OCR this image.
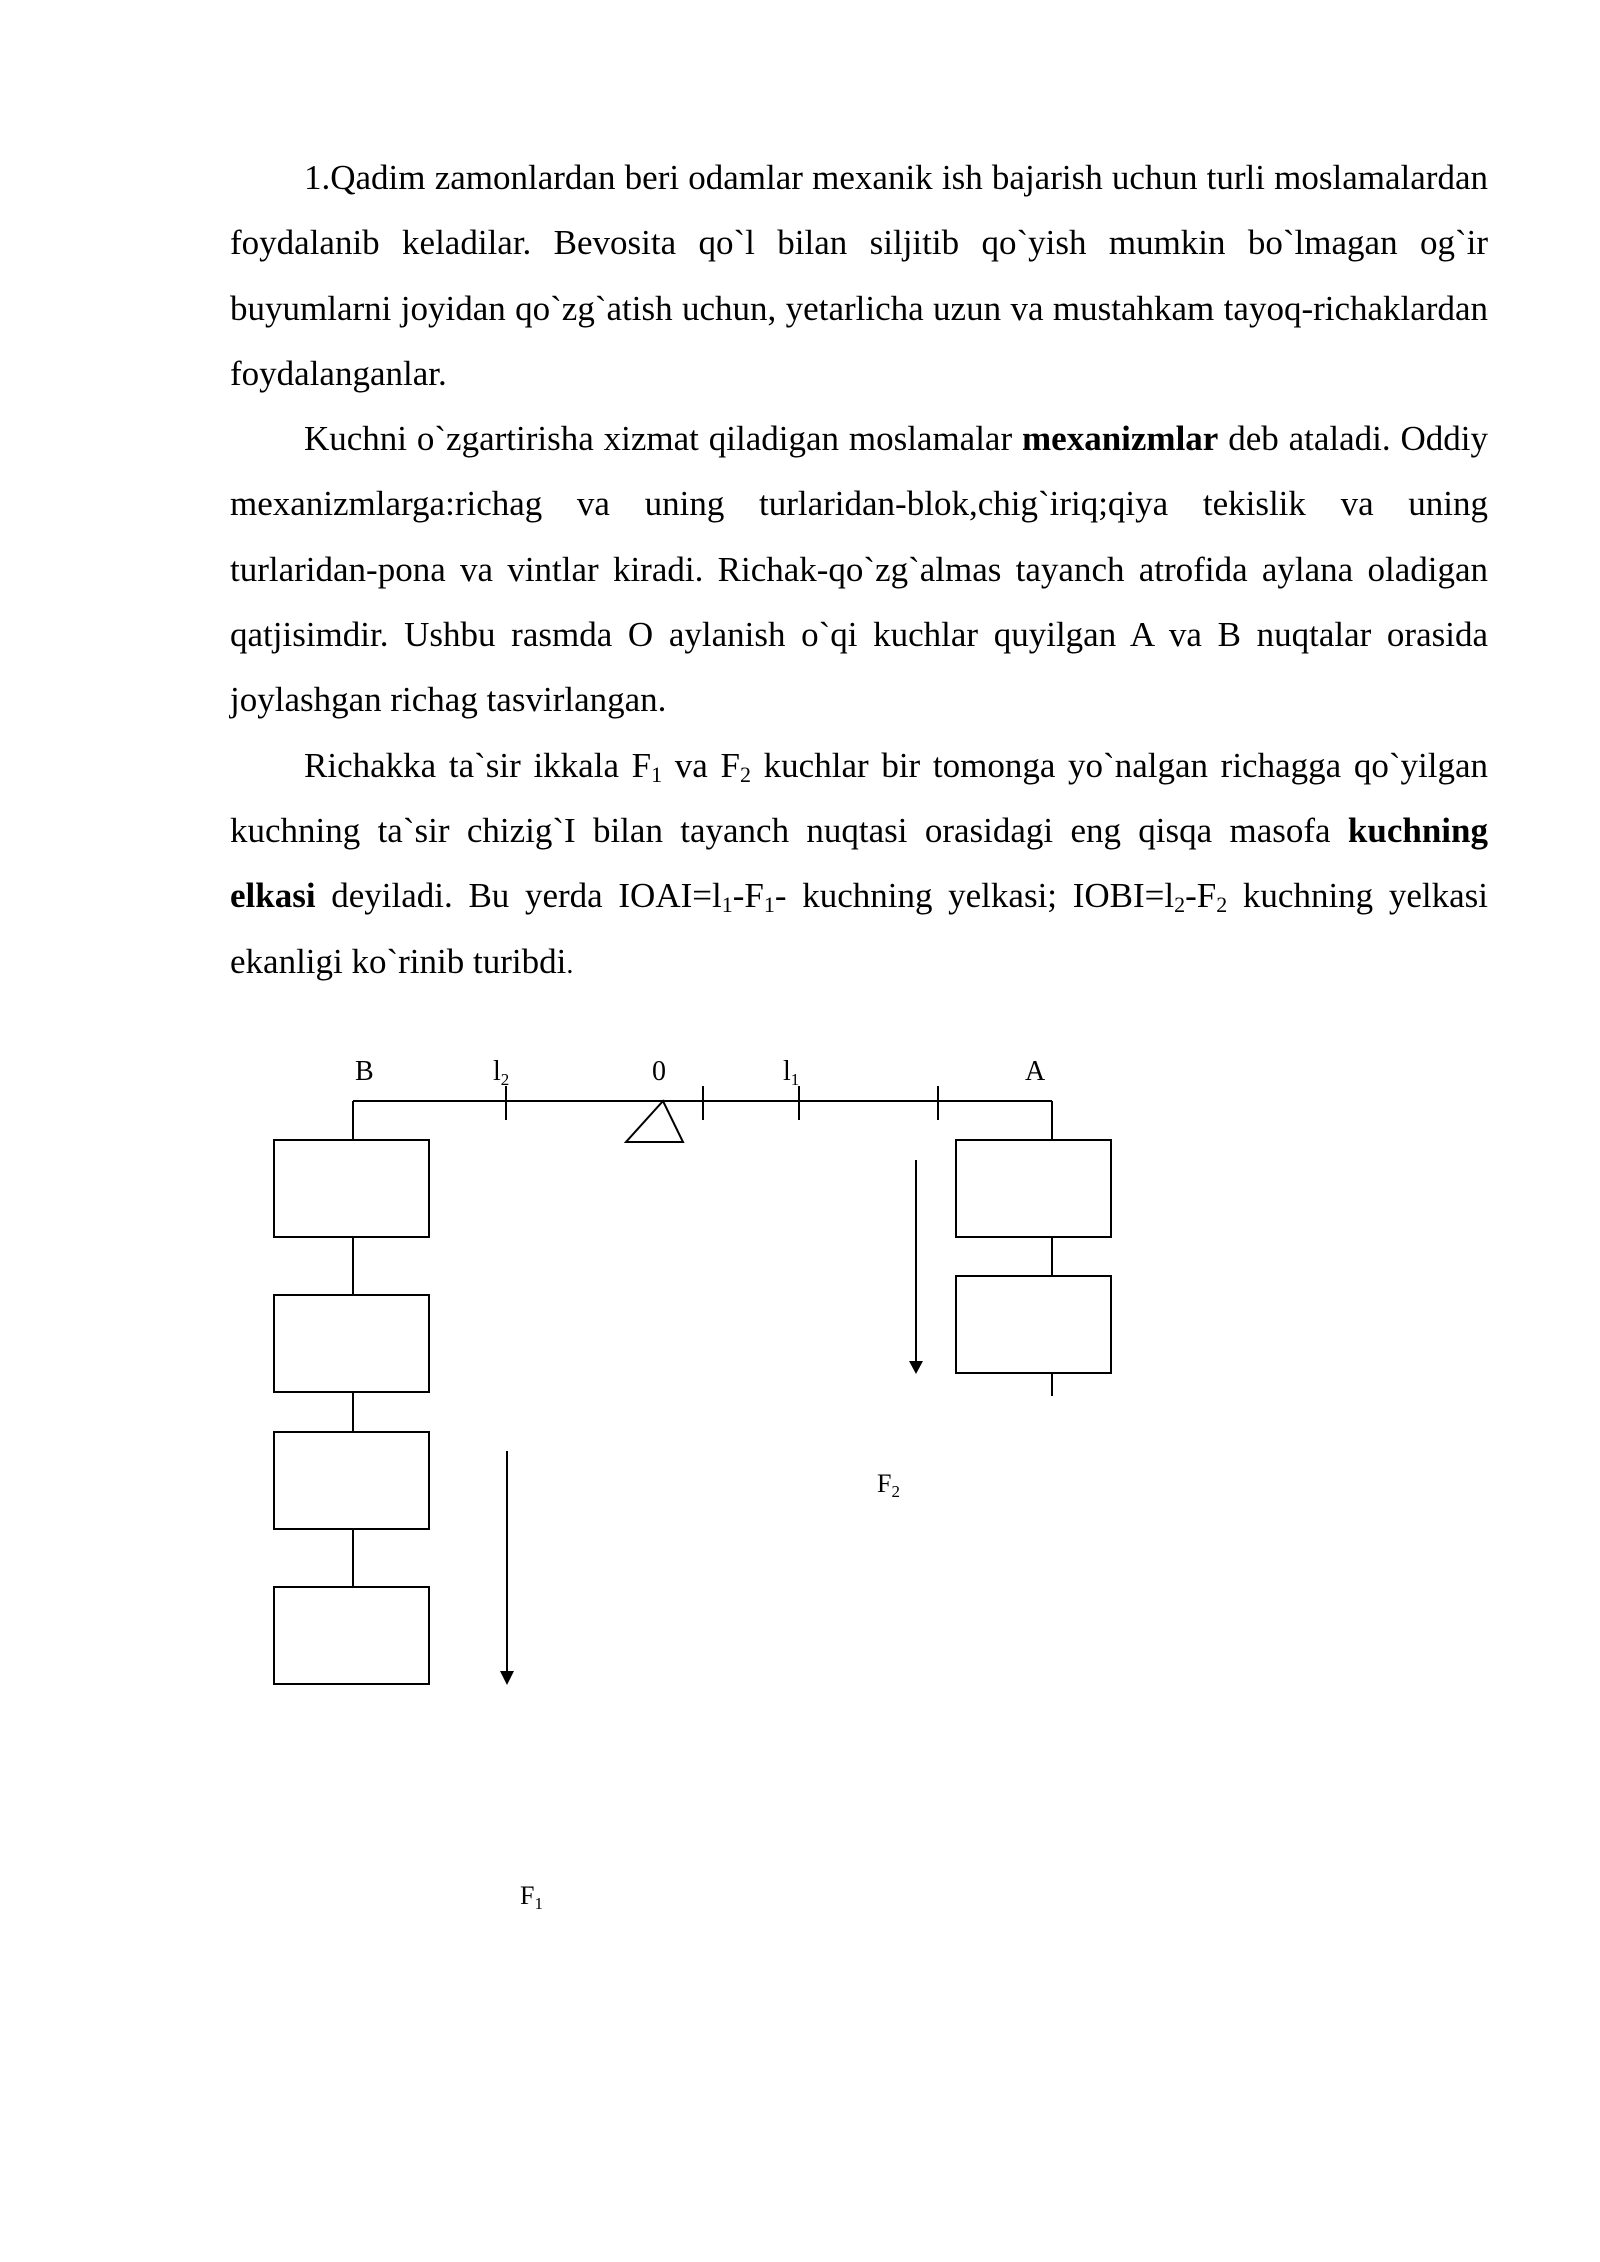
1.Qadim zamonlardan beri odamlar mexanik ish bajarish uchun turli moslamalardan foydalanib keladilar. Bevosita qo`l bilan siljitib qo`yish mumkin bo`lmagan og`ir buyumlarni joyidan qo`zg`atish uchun, yetarlicha uzun va mustahkam tayoq-richaklardan foydalanganlar.

Kuchni o`zgartirisha xizmat qiladigan moslamalar mexanizmlar deb ataladi. Oddiy mexanizmlarga:richag va uning turlaridan-blok,chig`iriq;qiya tekislik va uning turlaridan-pona va vintlar kiradi. Richak-qo`zg`almas tayanch atrofida aylana oladigan qatjisimdir. Ushbu rasmda O aylanish o`qi kuchlar quyilgan A va B nuqtalar orasida joylashgan richag tasvirlangan.

Richakka ta`sir ikkala $F_1$ va $F_2$ kuchlar bir tomonga yo`nalgan richagga qo`yilgan kuchning ta`sir chizig`I bilan tayanch nuqtasi orasidagi eng qisqa masofa kuchning elkasi deyiladi. Bu yerda $IOAI=l_1-F_1-$ kuchning yelkasi; $IOBI=l_2-F_2$ kuchning yelkasi ekanligi ko`rinib turibdi.

B	l2	0	l1	A
F2
F1
